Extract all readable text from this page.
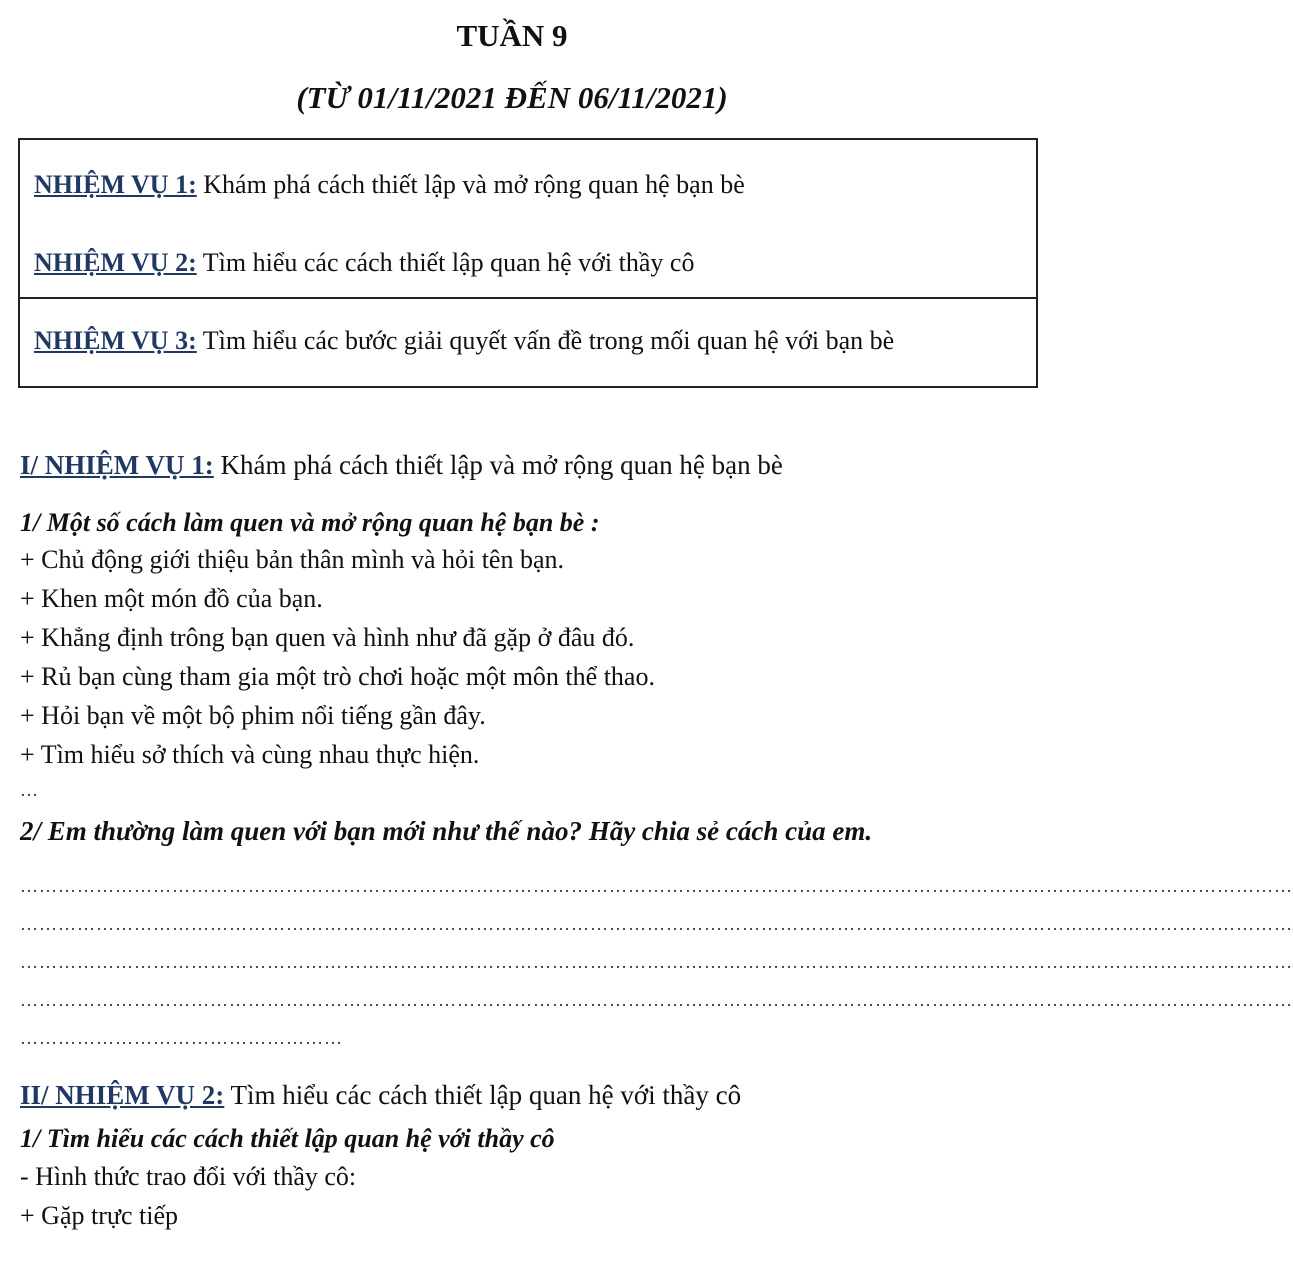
TUẦN 9
(TỪ 01/11/2021 ĐẾN 06/11/2021)
NHIỆM VỤ 1: Khám phá cách thiết lập và mở rộng quan hệ bạn bè
NHIỆM VỤ 2: Tìm hiểu các cách thiết lập quan hệ với thầy cô
NHIỆM VỤ 3: Tìm hiểu các bước giải quyết vấn đề trong mối quan hệ với bạn bè
I/ NHIỆM VỤ 1: Khám phá cách thiết lập và mở rộng quan hệ bạn bè
1/ Một số cách làm quen và mở rộng quan hệ bạn bè :
+ Chủ động giới thiệu bản thân mình và hỏi tên bạn.
+ Khen một món đồ của bạn.
+ Khẳng định trông bạn quen và hình như đã gặp ở đâu đó.
+ Rủ bạn cùng tham gia một trò chơi hoặc một môn thể thao.
+ Hỏi bạn về một bộ phim nổi tiếng gần đây.
+ Tìm hiểu sở thích và cùng nhau thực hiện.
…
2/ Em thường làm quen với bạn mới như thế nào? Hãy chia sẻ cách của em.
…………………………………………………………………………………………………………………………………………………………………………………
…………………………………………………………………………………………………………………………………………………………………………………
…………………………………………………………………………………………………………………………………………………………………………………
…………………………………………………………………………………………………………………………………………………………………………………
……………………………………………
II/ NHIỆM VỤ 2: Tìm hiểu các cách thiết lập quan hệ với thầy cô
1/ Tìm hiểu các cách thiết lập quan hệ với thầy cô
- Hình thức trao đổi với thầy cô:
+ Gặp trực tiếp
